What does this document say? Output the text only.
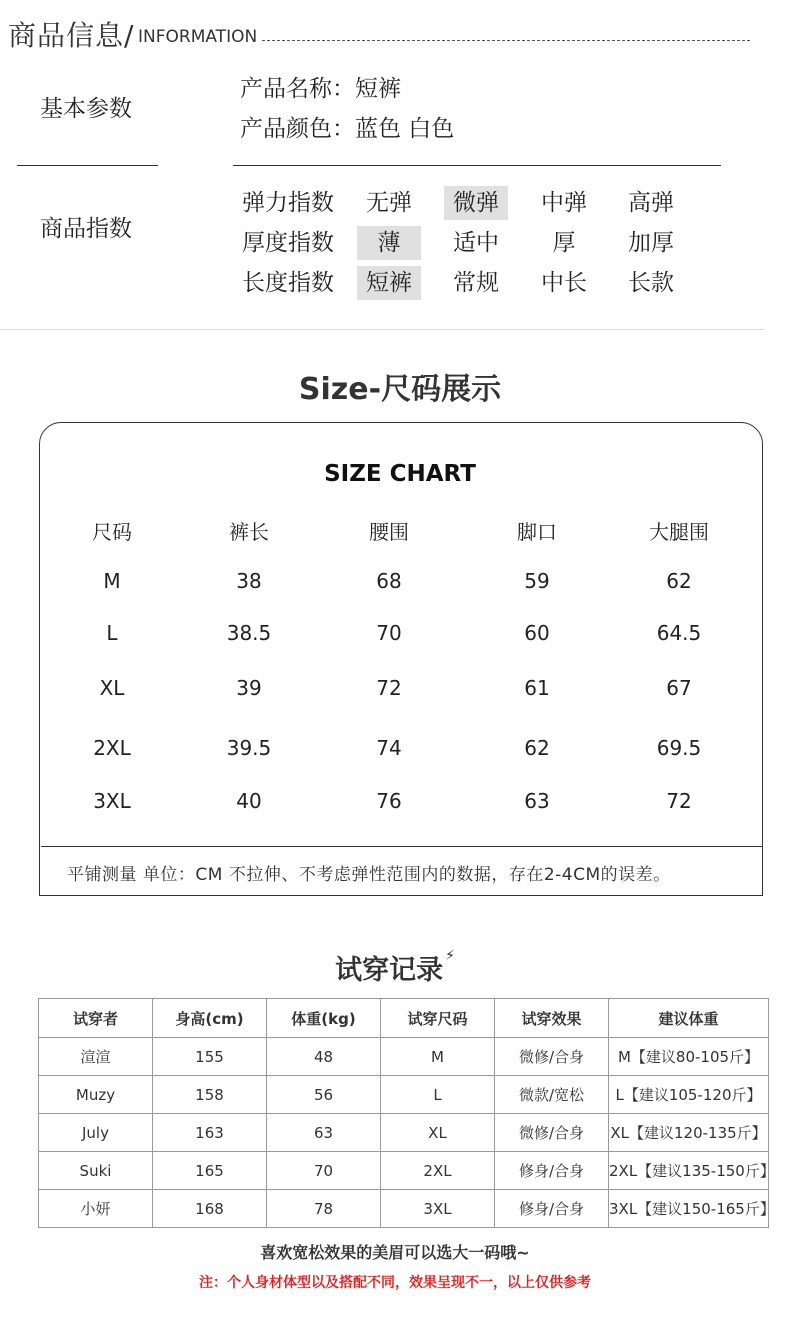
商品信息/ INFORMATION
基本参数
产品名称：短裤
产品颜色：蓝色 白色
商品指数
弹力指数	无弹	微弹	中弹	高弹
厚度指数	薄	适中	厚	加厚
长度指数	短裤	常规	中长	长款
Size-尺码展示
SIZE CHART
尺码	裤长	腰围	脚口	大腿围
M	38	68	59	62
L	38.5	70	60	64.5
XL	39	72	61	67
2XL	39.5	74	62	69.5
3XL	40	76	63	72
平铺测量 单位：CM 不拉伸、不考虑弹性范围内的数据，存在2-4CM的误差。
试穿记录 ⚡
试穿者	身高(cm)	体重(kg)	试穿尺码	试穿效果	建议体重
渲渲	155	48	M	微修/合身	M【建议80-105斤】
Muzy	158	56	L	微款/宽松	L【建议105-120斤】
July	163	63	XL	微修/合身	XL【建议120-135斤】
Suki	165	70	2XL	修身/合身	2XL【建议135-150斤】
小妍	168	78	3XL	修身/合身	3XL【建议150-165斤】
喜欢宽松效果的美眉可以选大一码哦~
注：个人身材体型以及搭配不同，效果呈现不一，以上仅供参考
